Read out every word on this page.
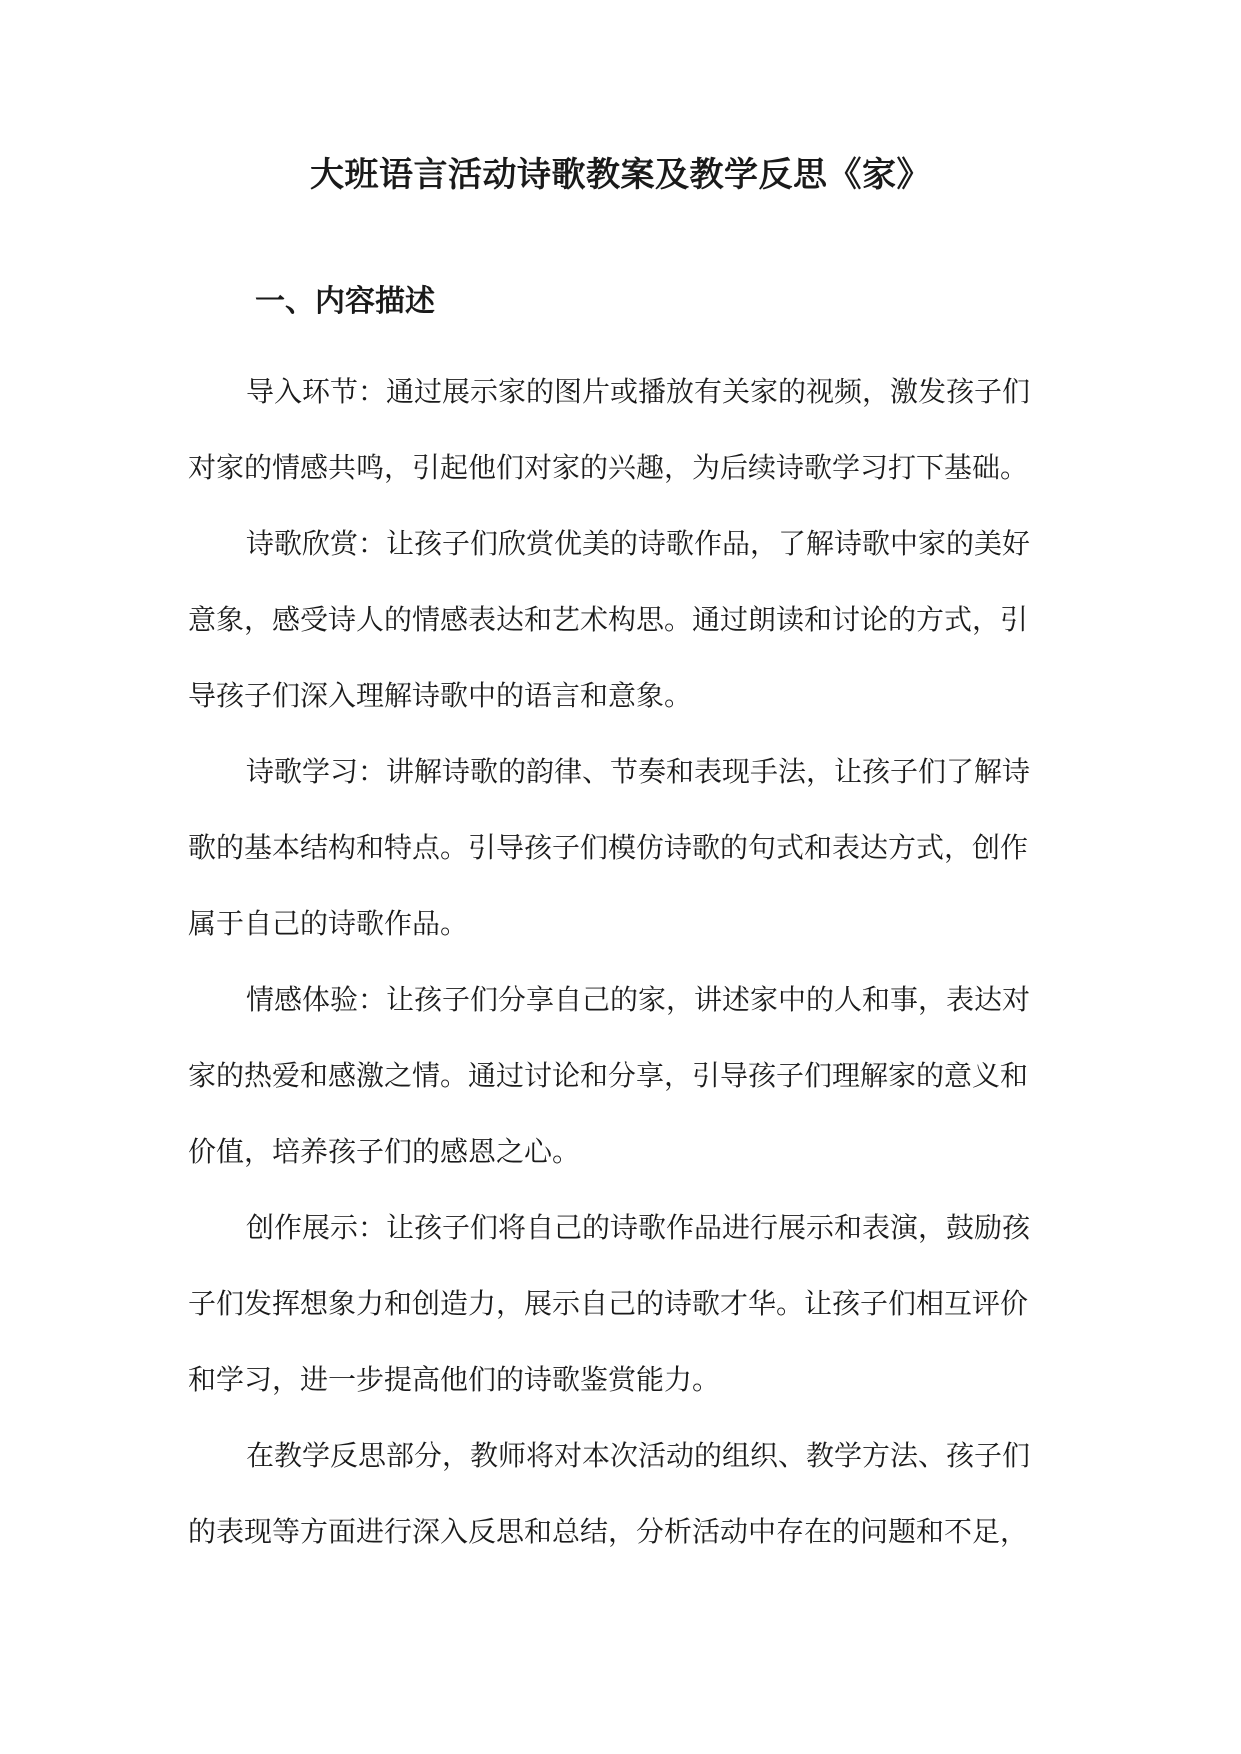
大班语言活动诗歌教案及教学反思《家》
一、内容描述

导入环节：通过展示家的图片或播放有关家的视频，激发孩子们
对家的情感共鸣，引起他们对家的兴趣，为后续诗歌学习打下基础。

诗歌欣赏：让孩子们欣赏优美的诗歌作品，了解诗歌中家的美好
意象，感受诗人的情感表达和艺术构思。通过朗读和讨论的方式，引
导孩子们深入理解诗歌中的语言和意象。

诗歌学习：讲解诗歌的韵律、节奏和表现手法，让孩子们了解诗
歌的基本结构和特点。引导孩子们模仿诗歌的句式和表达方式，创作
属于自己的诗歌作品。

情感体验：让孩子们分享自己的家，讲述家中的人和事，表达对
家的热爱和感激之情。通过讨论和分享，引导孩子们理解家的意义和
价值，培养孩子们的感恩之心。

创作展示：让孩子们将自己的诗歌作品进行展示和表演，鼓励孩
子们发挥想象力和创造力，展示自己的诗歌才华。让孩子们相互评价
和学习，进一步提高他们的诗歌鉴赏能力。

在教学反思部分，教师将对本次活动的组织、教学方法、孩子们
的表现等方面进行深入反思和总结，分析活动中存在的问题和不足，
